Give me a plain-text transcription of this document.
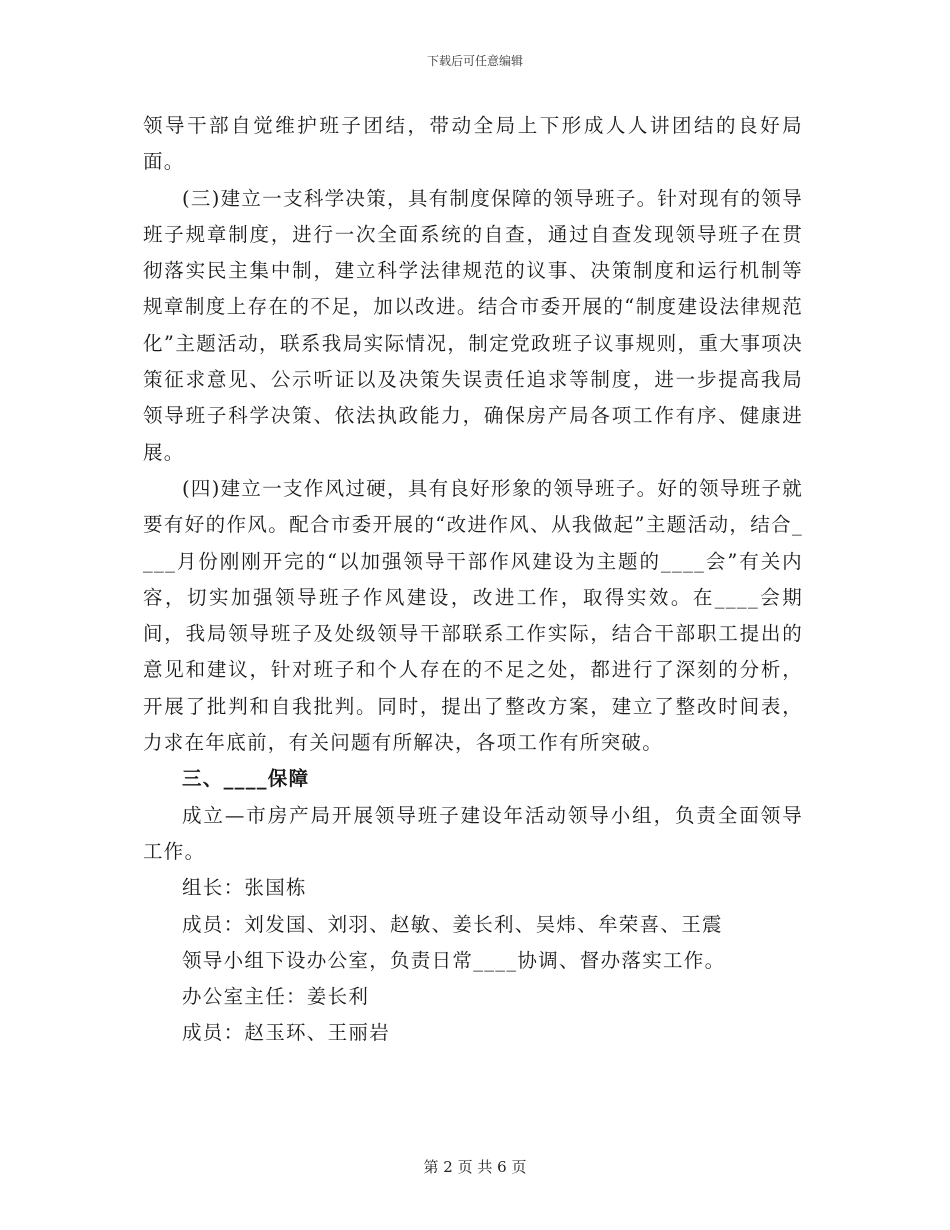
下载后可任意编辑

领导干部自觉维护班子团结，带动全局上下形成人人讲团结的良好局面。

(三)建立一支科学决策，具有制度保障的领导班子。针对现有的领导班子规章制度，进行一次全面系统的自查，通过自查发现领导班子在贯彻落实民主集中制，建立科学法律规范的议事、决策制度和运行机制等规章制度上存在的不足，加以改进。结合市委开展的“制度建设法律规范化”主题活动，联系我局实际情况，制定党政班子议事规则，重大事项决策征求意见、公示听证以及决策失误责任追求等制度，进一步提高我局领导班子科学决策、依法执政能力，确保房产局各项工作有序、健康进展。

(四)建立一支作风过硬，具有良好形象的领导班子。好的领导班子就要有好的作风。配合市委开展的“改进作风、从我做起”主题活动，结合____月份刚刚开完的“以加强领导干部作风建设为主题的____会”有关内容，切实加强领导班子作风建设，改进工作，取得实效。在____会期间，我局领导班子及处级领导干部联系工作实际，结合干部职工提出的意见和建议，针对班子和个人存在的不足之处，都进行了深刻的分析，开展了批判和自我批判。同时，提出了整改方案，建立了整改时间表，力求在年底前，有关问题有所解决，各项工作有所突破。

三、____保障

成立—市房产局开展领导班子建设年活动领导小组，负责全面领导工作。

组长：张国栋

成员：刘发国、刘羽、赵敏、姜长利、吴炜、牟荣喜、王震

领导小组下设办公室，负责日常____协调、督办落实工作。

办公室主任：姜长利

成员：赵玉环、王丽岩

第 2 页 共 6 页
